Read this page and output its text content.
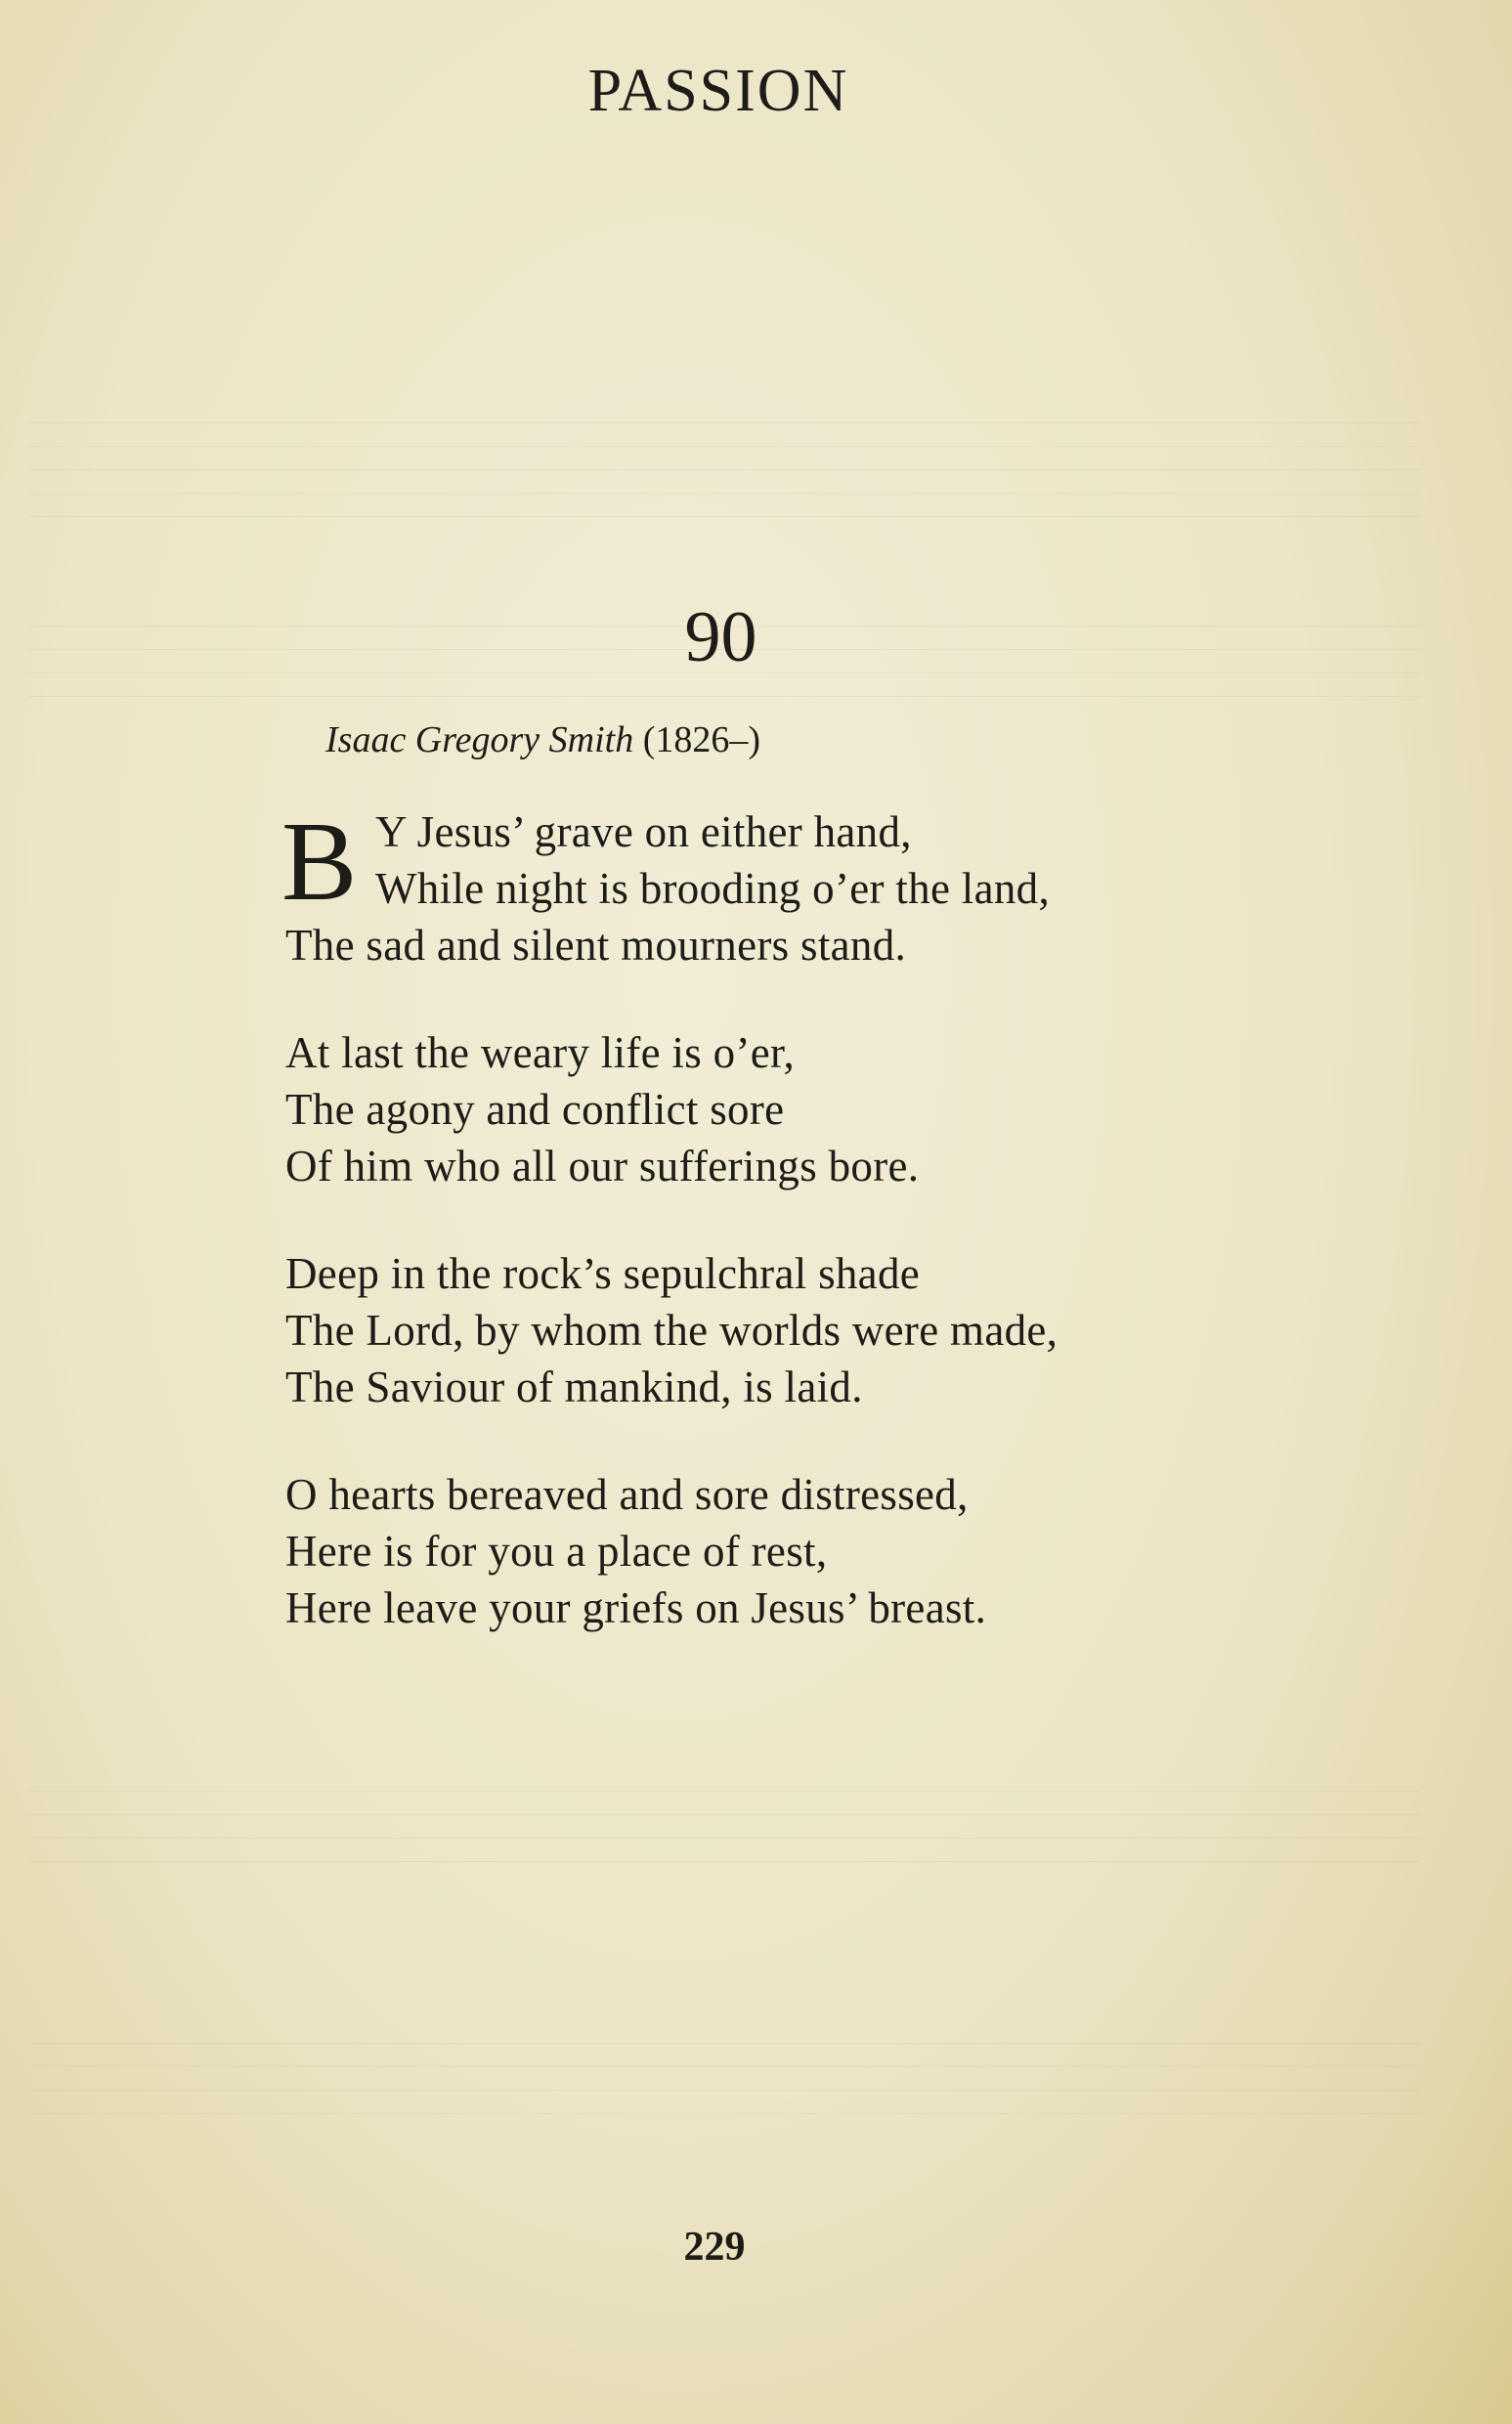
PASSION
90
Isaac Gregory Smith (1826–)
B Y Jesus’ grave on either hand,
While night is brooding o’er the land,
The sad and silent mourners stand.
At last the weary life is o’er,
The agony and conflict sore
Of him who all our sufferings bore.
Deep in the rock’s sepulchral shade
The Lord, by whom the worlds were made,
The Saviour of mankind, is laid.
O hearts bereaved and sore distressed,
Here is for you a place of rest,
Here leave your griefs on Jesus’ breast.
229
